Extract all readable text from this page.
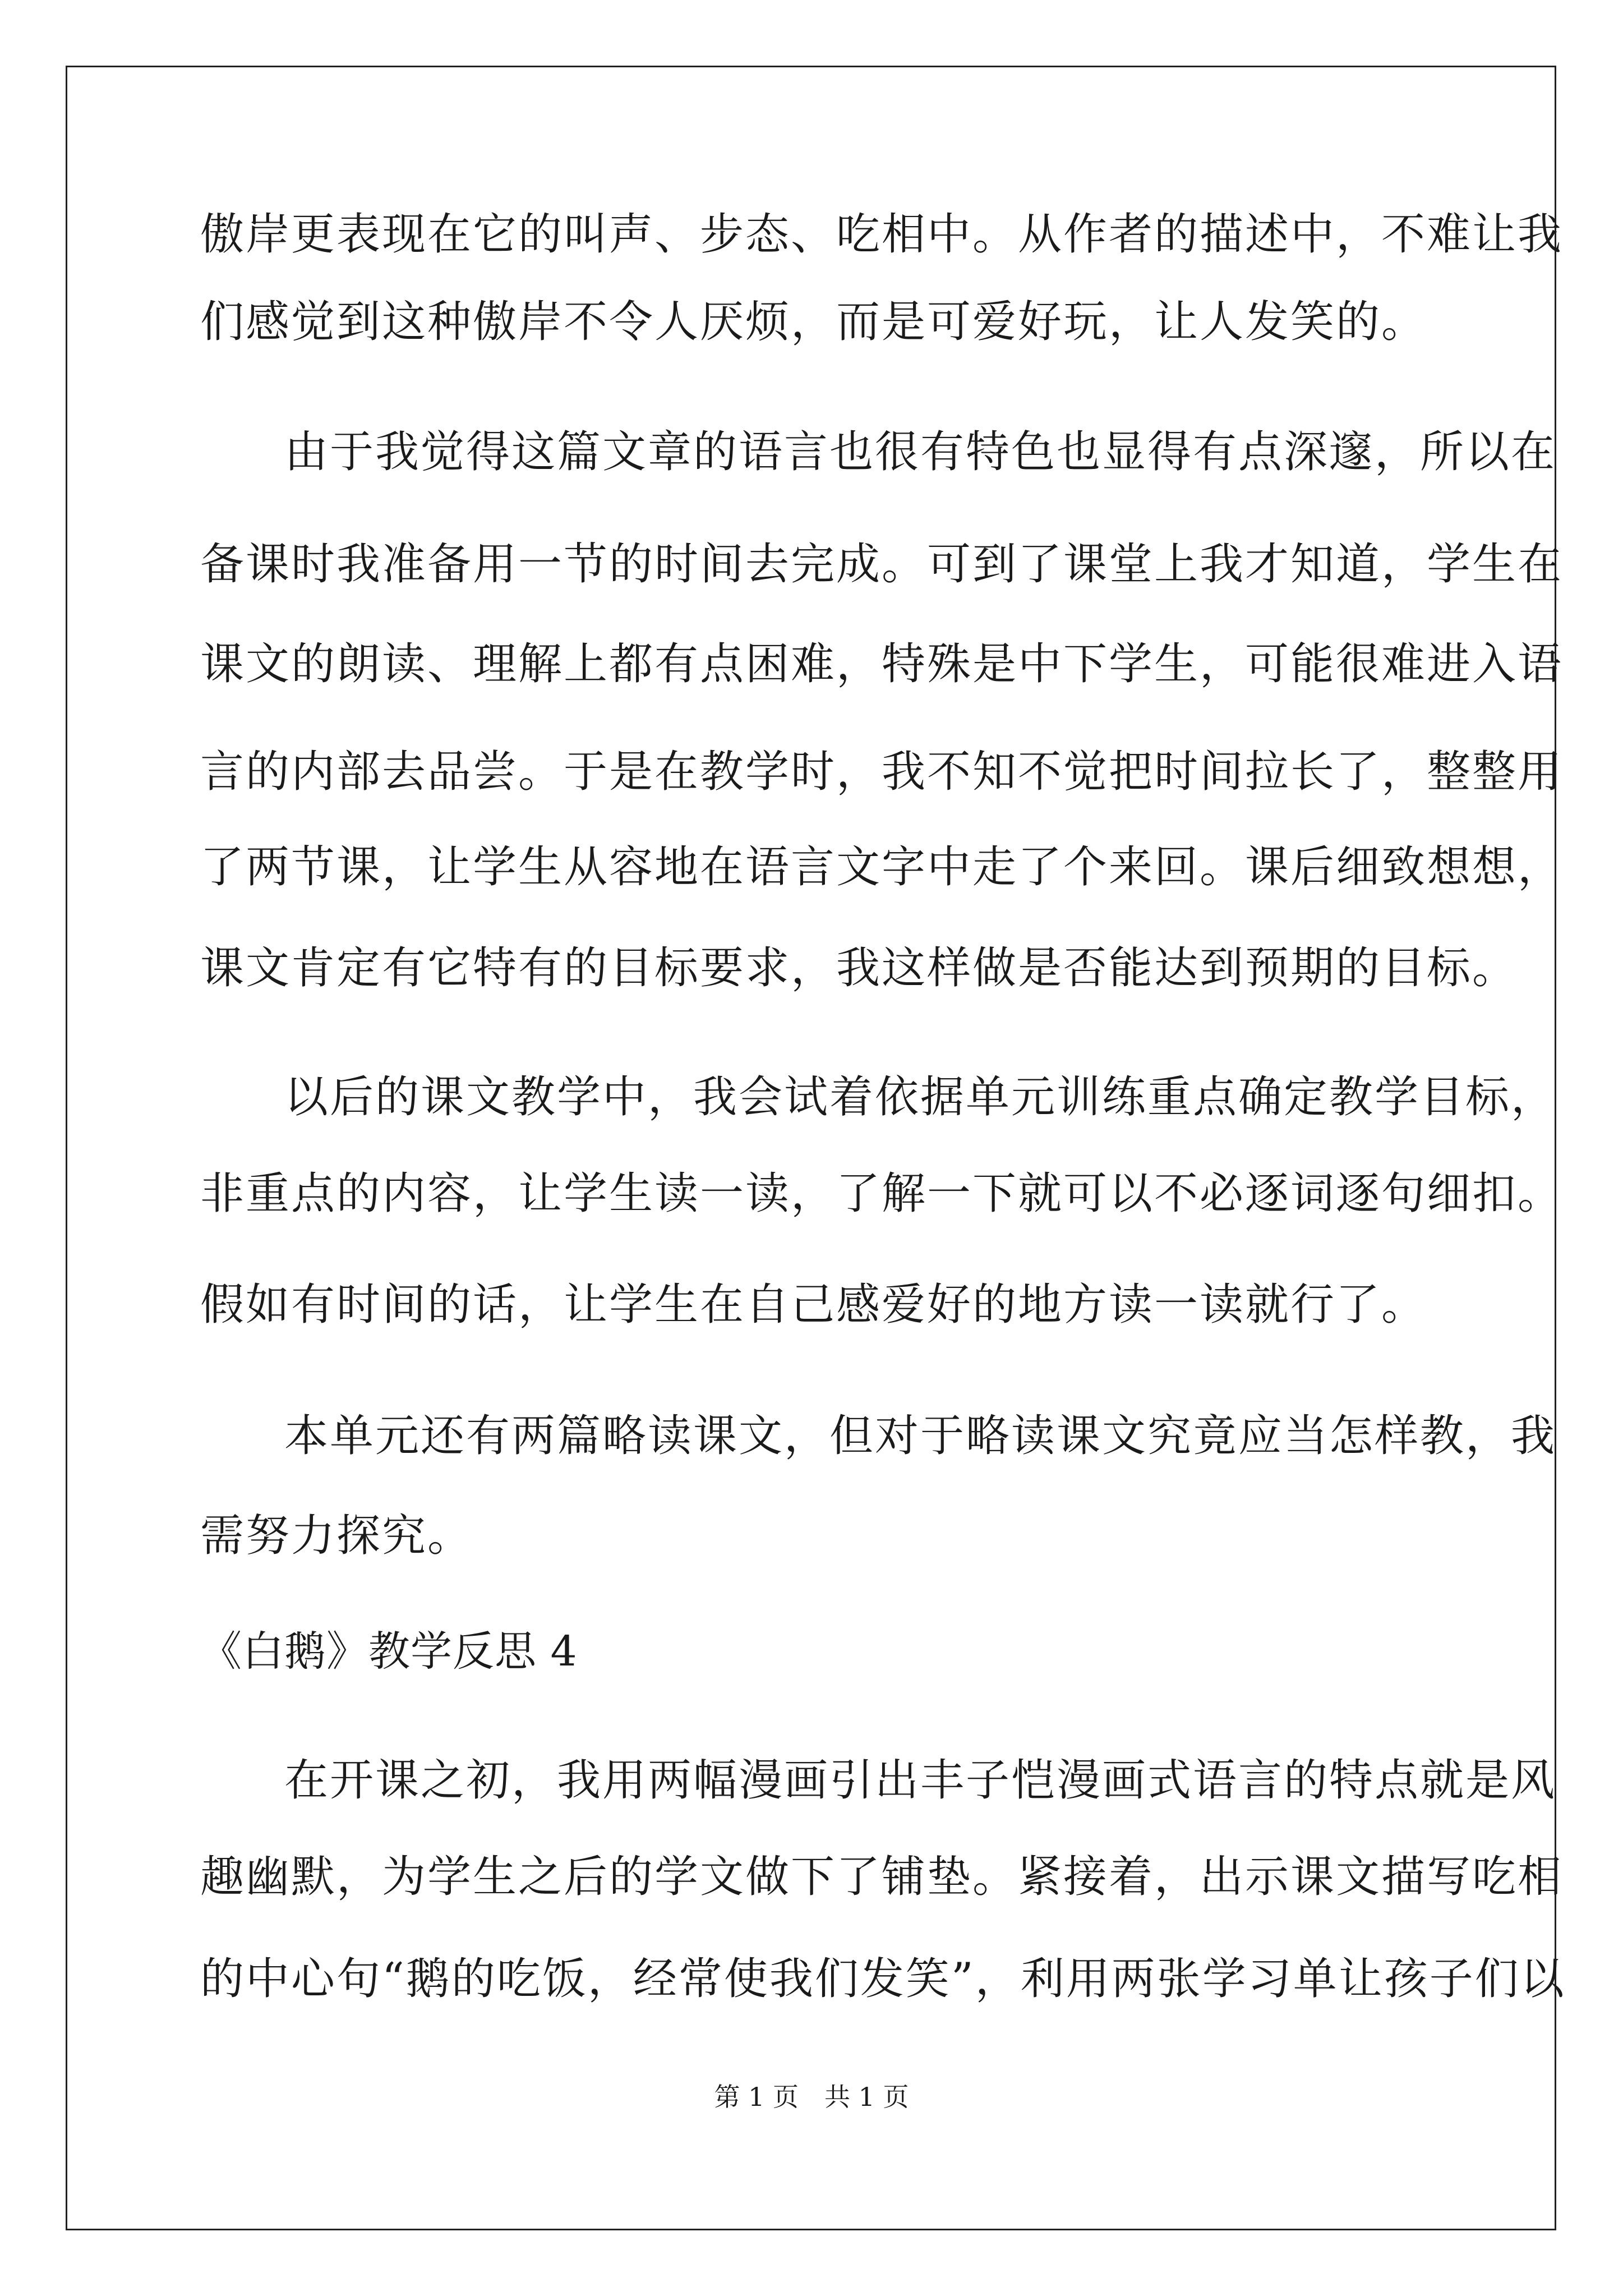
傲岸更表现在它的叫声、步态、吃相中。从作者的描述中，不难让我
们感觉到这种傲岸不令人厌烦，而是可爱好玩，让人发笑的。
由于我觉得这篇文章的语言也很有特色也显得有点深邃，所以在
备课时我准备用一节的时间去完成。可到了课堂上我才知道，学生在
课文的朗读、理解上都有点困难，特殊是中下学生，可能很难进入语
言的内部去品尝。于是在教学时，我不知不觉把时间拉长了，整整用
了两节课，让学生从容地在语言文字中走了个来回。课后细致想想，
课文肯定有它特有的目标要求，我这样做是否能达到预期的目标。
以后的课文教学中，我会试着依据单元训练重点确定教学目标，
非重点的内容，让学生读一读，了解一下就可以不必逐词逐句细扣。
假如有时间的话，让学生在自己感爱好的地方读一读就行了。
本单元还有两篇略读课文，但对于略读课文究竟应当怎样教，我
需努力探究。
《白鹅》教学反思 4
在开课之初，我用两幅漫画引出丰子恺漫画式语言的特点就是风
趣幽默，为学生之后的学文做下了铺垫。紧接着，出示课文描写吃相
的中心句“鹅的吃饭，经常使我们发笑”，利用两张学习单让孩子们以
第 1 页　共 1 页
